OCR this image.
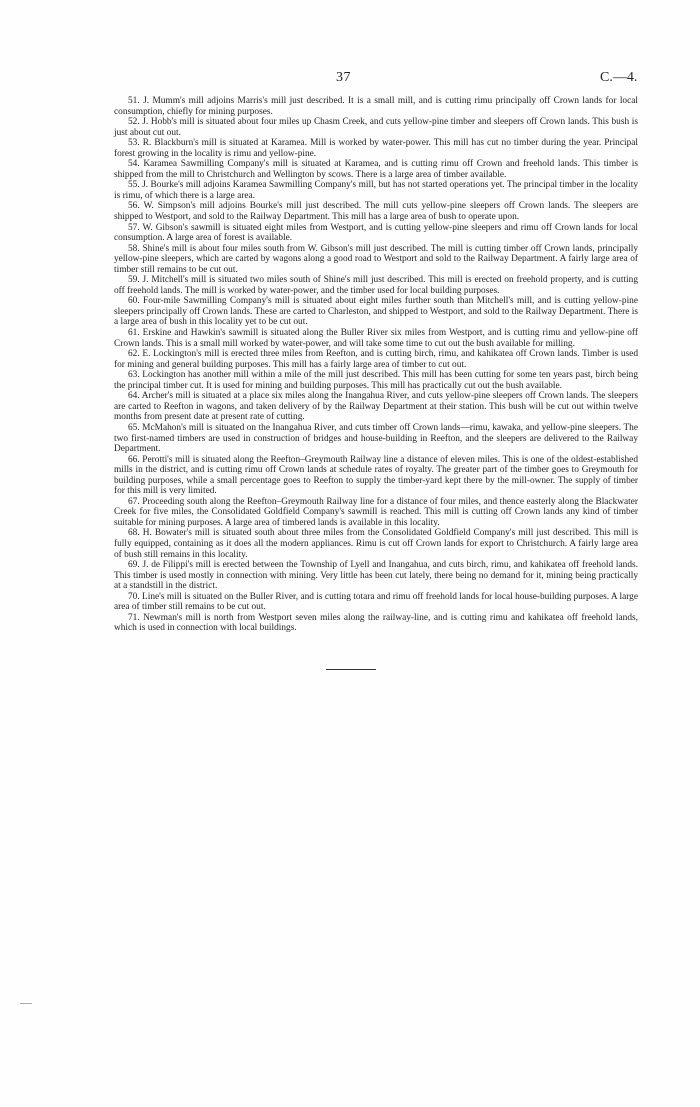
37	C.—4.

51. J. Mumm's mill adjoins Marris's mill just described. It is a small mill, and is cutting rimu principally off Crown lands for local consumption, chiefly for mining purposes.

52. J. Hobb's mill is situated about four miles up Chasm Creek, and cuts yellow-pine timber and sleepers off Crown lands. This bush is just about cut out.

53. R. Blackburn's mill is situated at Karamea. Mill is worked by water-power. This mill has cut no timber during the year. Principal forest growing in the locality is rimu and yellow-pine.

54. Karamea Sawmilling Company's mill is situated at Karamea, and is cutting rimu off Crown and freehold lands. This timber is shipped from the mill to Christchurch and Wellington by scows. There is a large area of timber available.

55. J. Bourke's mill adjoins Karamea Sawmilling Company's mill, but has not started operations yet. The principal timber in the locality is rimu, of which there is a large area.

56. W. Simpson's mill adjoins Bourke's mill just described. The mill cuts yellow-pine sleepers off Crown lands. The sleepers are shipped to Westport, and sold to the Railway Department. This mill has a large area of bush to operate upon.

57. W. Gibson's sawmill is situated eight miles from Westport, and is cutting yellow-pine sleepers and rimu off Crown lands for local consumption. A large area of forest is available.

58. Shine's mill is about four miles south from W. Gibson's mill just described. The mill is cutting timber off Crown lands, principally yellow-pine sleepers, which are carted by wagons along a good road to Westport and sold to the Railway Department. A fairly large area of timber still remains to be cut out.

59. J. Mitchell's mill is situated two miles south of Shine's mill just described. This mill is erected on freehold property, and is cutting off freehold lands. The mill is worked by water-power, and the timber used for local building purposes.

60. Four-mile Sawmilling Company's mill is situated about eight miles further south than Mitchell's mill, and is cutting yellow-pine sleepers principally off Crown lands. These are carted to Charleston, and shipped to Westport, and sold to the Railway Department. There is a large area of bush in this locality yet to be cut out.

61. Erskine and Hawkin's sawmill is situated along the Buller River six miles from Westport, and is cutting rimu and yellow-pine off Crown lands. This is a small mill worked by water-power, and will take some time to cut out the bush available for milling.

62. E. Lockington's mill is erected three miles from Reefton, and is cutting birch, rimu, and kahikatea off Crown lands. Timber is used for mining and general building purposes. This mill has a fairly large area of timber to cut out.

63. Lockington has another mill within a mile of the mill just described. This mill has been cutting for some ten years past, birch being the principal timber cut. It is used for mining and building purposes. This mill has practically cut out the bush available.

64. Archer's mill is situated at a place six miles along the Inangahua River, and cuts yellow-pine sleepers off Crown lands. The sleepers are carted to Reefton in wagons, and taken delivery of by the Railway Department at their station. This bush will be cut out within twelve months from present date at present rate of cutting.

65. McMahon's mill is situated on the Inangahua River, and cuts timber off Crown lands—rimu, kawaka, and yellow-pine sleepers. The two first-named timbers are used in construction of bridges and house-building in Reefton, and the sleepers are delivered to the Railway Department.

66. Perotti's mill is situated along the Reefton–Greymouth Railway line a distance of eleven miles. This is one of the oldest-established mills in the district, and is cutting rimu off Crown lands at schedule rates of royalty. The greater part of the timber goes to Greymouth for building purposes, while a small percentage goes to Reefton to supply the timber-yard kept there by the mill-owner. The supply of timber for this mill is very limited.

67. Proceeding south along the Reefton–Greymouth Railway line for a distance of four miles, and thence easterly along the Blackwater Creek for five miles, the Consolidated Goldfield Company's sawmill is reached. This mill is cutting off Crown lands any kind of timber suitable for mining purposes. A large area of timbered lands is available in this locality.

68. H. Bowater's mill is situated south about three miles from the Consolidated Goldfield Company's mill just described. This mill is fully equipped, containing as it does all the modern appliances. Rimu is cut off Crown lands for export to Christchurch. A fairly large area of bush still remains in this locality.

69. J. de Filippi's mill is erected between the Township of Lyell and Inangahua, and cuts birch, rimu, and kahikatea off freehold lands. This timber is used mostly in connection with mining. Very little has been cut lately, there being no demand for it, mining being practically at a standstill in the district.

70. Line's mill is situated on the Buller River, and is cutting totara and rimu off freehold lands for local house-building purposes. A large area of timber still remains to be cut out.

71. Newman's mill is north from Westport seven miles along the railway-line, and is cutting rimu and kahikatea off freehold lands, which is used in connection with local buildings.
